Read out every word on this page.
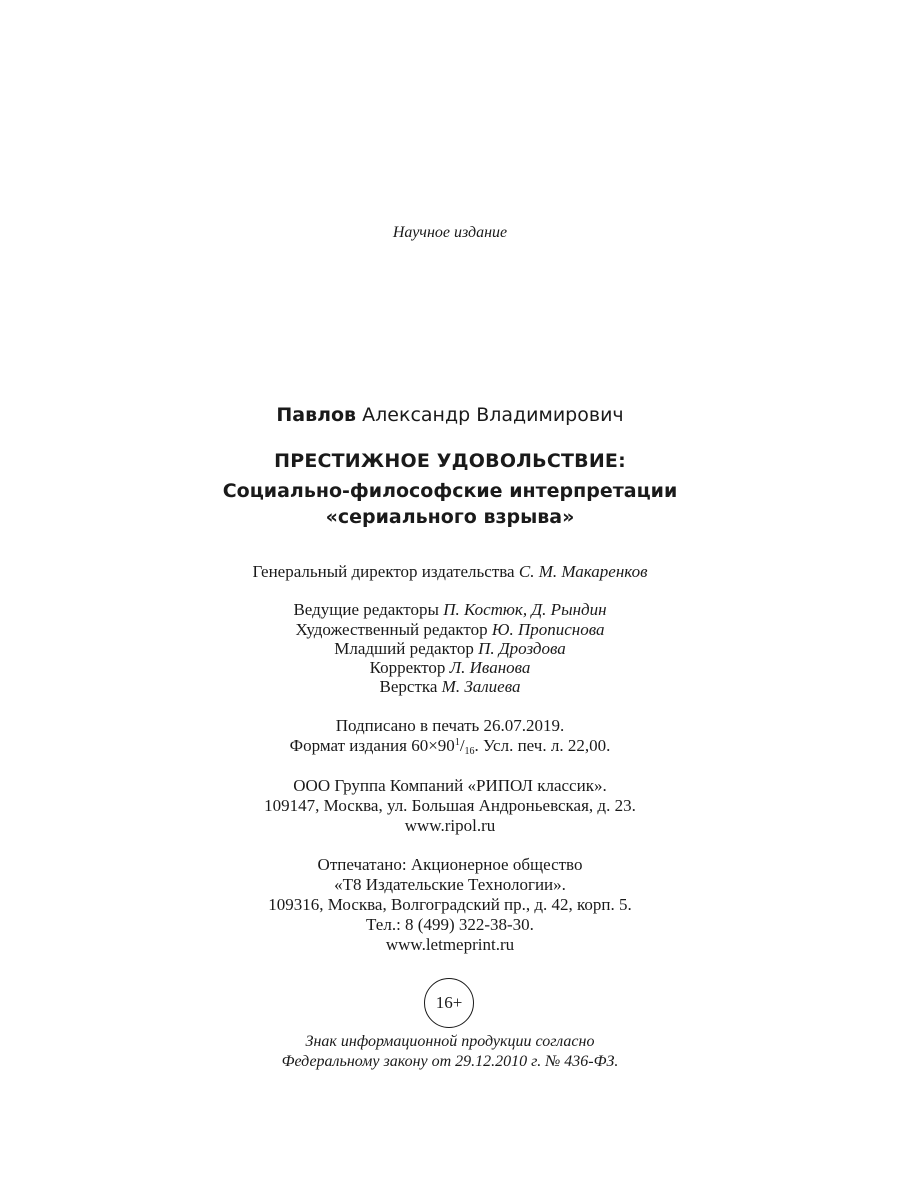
Научное издание
Павлов Александр Владимирович
ПРЕСТИЖНОЕ УДОВОЛЬСТВИЕ:
Социально-философские интерпретации
«сериального взрыва»
Генеральный директор издательства С. М. Макаренков
Ведущие редакторы П. Костюк, Д. Рындин
Художественный редактор Ю. Прописнова
Младший редактор П. Дроздова
Корректор Л. Иванова
Верстка М. Залиева
Подписано в печать 26.07.2019.
Формат издания $60\times 90^1/_{16}$. Усл. печ. л. 22,00.
ООО Группа Компаний «РИПОЛ классик».
109147, Москва, ул. Большая Андроньевская, д. 23.
www.ripol.ru
Отпечатано: Акционерное общество
«Т8 Издательские Технологии».
109316, Москва, Волгоградский пр., д. 42, корп. 5.
Тел.: 8 (499) 322-38-30.
www.letmeprint.ru
16+
Знак информационной продукции согласно
Федеральному закону от 29.12.2010 г. № 436-ФЗ.
